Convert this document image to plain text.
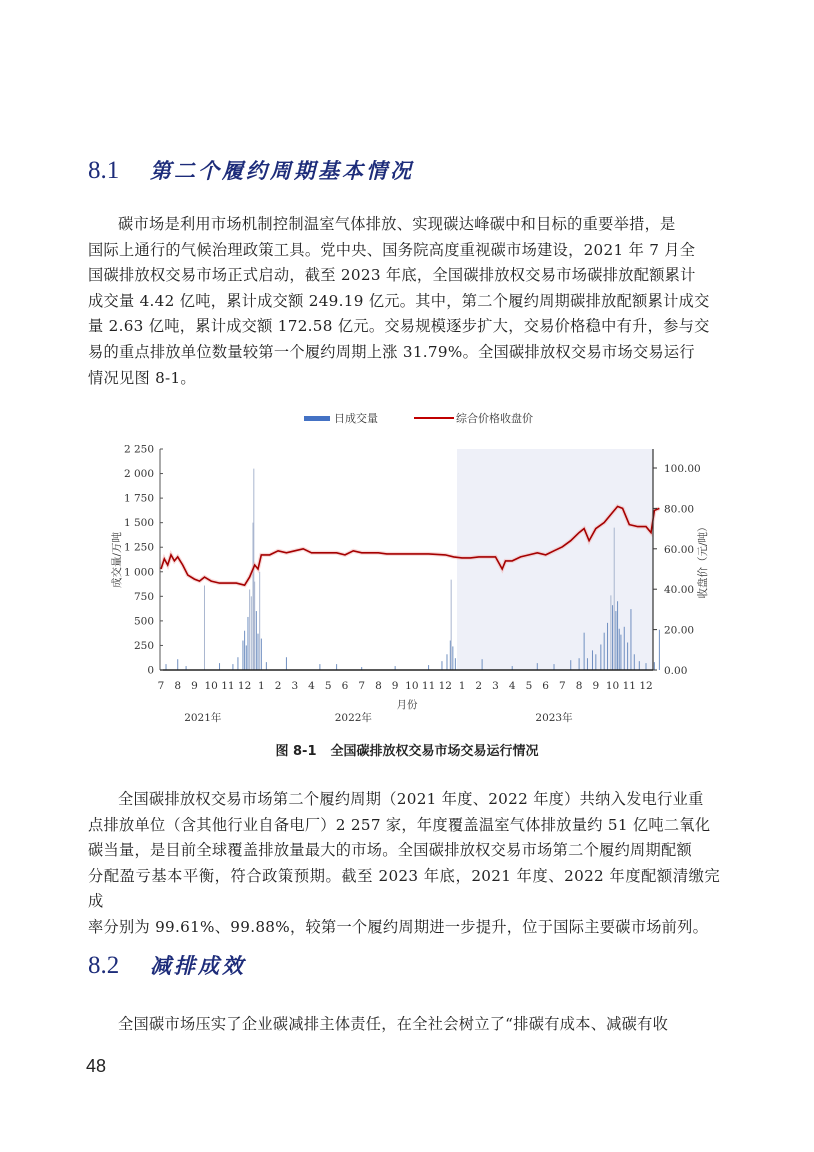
8.1	第二个履约周期基本情况
碳市场是利用市场机制控制温室气体排放、实现碳达峰碳中和目标的重要举措，是
国际上通行的气候治理政策工具。党中央、国务院高度重视碳市场建设，2021 年 7 月全
国碳排放权交易市场正式启动，截至 2023 年底，全国碳排放权交易市场碳排放配额累计
成交量 4.42 亿吨，累计成交额 249.19 亿元。其中，第二个履约周期碳排放配额累计成交
量 2.63 亿吨，累计成交额 172.58 亿元。交易规模逐步扩大，交易价格稳中有升，参与交
易的重点排放单位数量较第一个履约周期上涨 31.79%。全国碳排放权交易市场交易运行
情况见图 8-1。
日成交量	综合价格收盘价
0
250
500
750
1 000
1 250
1 500
1 750
2 000
2 250
0.00
20.00
40.00
60.00
80.00
100.00
7 8 9 10 11 12 1 2 3 4 5 6 7 8 9 10 11 12 1 2 3 4 5 6 7 8 9 10 11 12
月份
2021年	2022年	2023年
成交量/万吨	收盘价（元/吨）
图 8-1 全国碳排放权交易市场交易运行情况
全国碳排放权交易市场第二个履约周期（2021 年度、2022 年度）共纳入发电行业重
点排放单位（含其他行业自备电厂）2 257 家，年度覆盖温室气体排放量约 51 亿吨二氧化
碳当量，是目前全球覆盖排放量最大的市场。全国碳排放权交易市场第二个履约周期配额
分配盈亏基本平衡，符合政策预期。截至 2023 年底，2021 年度、2022 年度配额清缴完成
率分别为 99.61%、99.88%，较第一个履约周期进一步提升，位于国际主要碳市场前列。
8.2	减排成效
全国碳市场压实了企业碳减排主体责任，在全社会树立了“排碳有成本、减碳有收
48
